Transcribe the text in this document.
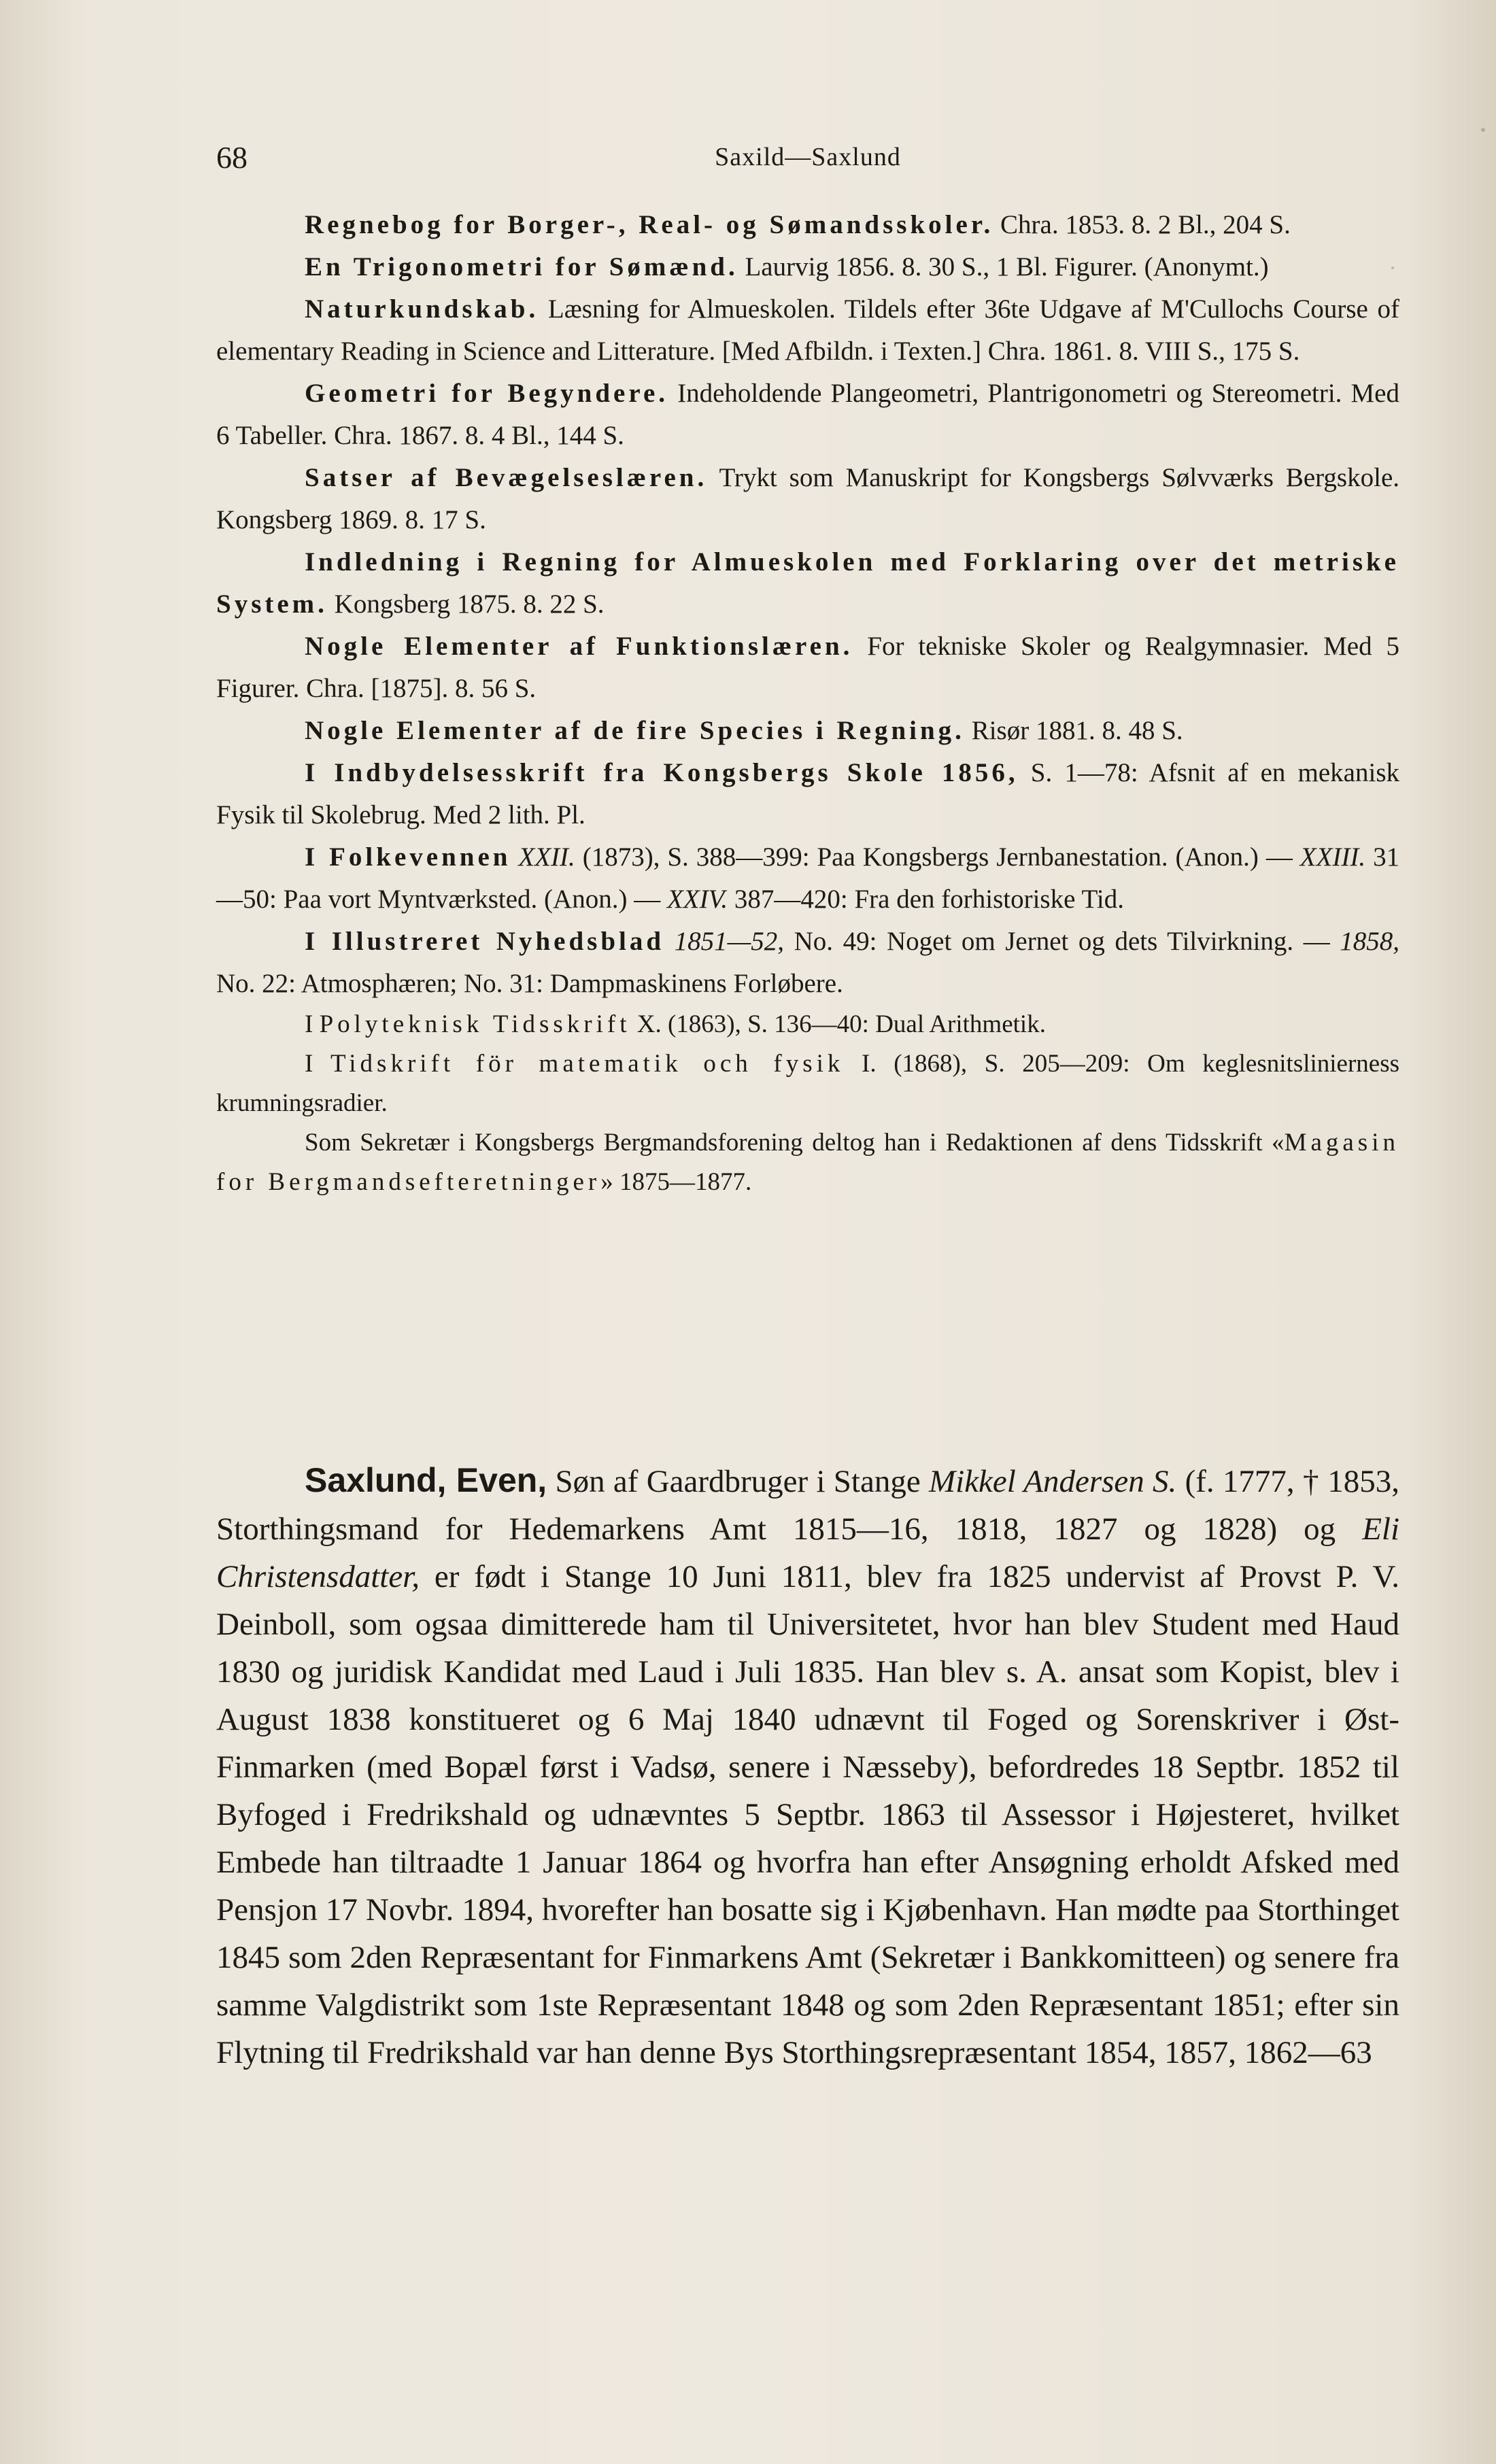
68	Saxild—Saxlund

Regnebog for Borger-, Real- og Sømandsskoler. Chra. 1853. 8. 2 Bl., 204 S.

En Trigonometri for Sømænd. Laurvig 1856. 8. 30 S., 1 Bl. Figurer. (Anonymt.)

Naturkundskab. Læsning for Almueskolen. Tildels efter 36te Udgave af M'Cullochs Course of elementary Reading in Science and Litterature. [Med Afbildn. i Texten.] Chra. 1861. 8. VIII S., 175 S.

Geometri for Begyndere. Indeholdende Plangeometri, Plantrigonometri og Stereometri. Med 6 Tabeller. Chra. 1867. 8. 4 Bl., 144 S.

Satser af Bevægelseslæren. Trykt som Manuskript for Kongsbergs Sølvværks Bergskole. Kongsberg 1869. 8. 17 S.

Indledning i Regning for Almueskolen med Forklaring over det metriske System. Kongsberg 1875. 8. 22 S.

Nogle Elementer af Funktionslæren. For tekniske Skoler og Realgymnasier. Med 5 Figurer. Chra. [1875]. 8. 56 S.

Nogle Elementer af de fire Species i Regning. Risør 1881. 8. 48 S.

I Indbydelsesskrift fra Kongsbergs Skole 1856, S. 1—78: Afsnit af en mekanisk Fysik til Skolebrug. Med 2 lith. Pl.

I Folkevennen XXII. (1873), S. 388—399: Paa Kongsbergs Jernbanestation. (Anon.) — XXIII. 31—50: Paa vort Myntværksted. (Anon.) — XXIV. 387—420: Fra den forhistoriske Tid.

I Illustreret Nyhedsblad 1851—52, No. 49: Noget om Jernet og dets Tilvirkning. — 1858, No. 22: Atmosphæren; No. 31: Dampmaskinens Forløbere.

I Polyteknisk Tidsskrift X. (1863), S. 136—40: Dual Arithmetik.

I Tidskrift för matematik och fysik I. (1868), S. 205—209: Om keglesnitslinierness krumningsradier.

Som Sekretær i Kongsbergs Bergmandsforening deltog han i Redaktionen af dens Tidsskrift «Magasin for Bergmandsefteretninger» 1875—1877.

Saxlund, Even, Søn af Gaardbruger i Stange Mikkel Andersen S. (f. 1777, † 1853, Storthingsmand for Hedemarkens Amt 1815—16, 1818, 1827 og 1828) og Eli Christensdatter, er født i Stange 10 Juni 1811, blev fra 1825 undervist af Provst P. V. Deinboll, som ogsaa dimitterede ham til Universitetet, hvor han blev Student med Haud 1830 og juridisk Kandidat med Laud i Juli 1835. Han blev s. A. ansat som Kopist, blev i August 1838 konstitueret og 6 Maj 1840 udnævnt til Foged og Sorenskriver i Øst-Finmarken (med Bopæl først i Vadsø, senere i Næsseby), befordredes 18 Septbr. 1852 til Byfoged i Fredrikshald og udnævntes 5 Septbr. 1863 til Assessor i Højesteret, hvilket Embede han tiltraadte 1 Januar 1864 og hvorfra han efter Ansøgning erholdt Afsked med Pensjon 17 Novbr. 1894, hvorefter han bosatte sig i Kjøbenhavn. Han mødte paa Storthinget 1845 som 2den Repræsentant for Finmarkens Amt (Sekretær i Bankkomitteen) og senere fra samme Valgdistrikt som 1ste Repræsentant 1848 og som 2den Repræsentant 1851; efter sin Flytning til Fredrikshald var han denne Bys Storthingsrepræsentant 1854, 1857, 1862—63
